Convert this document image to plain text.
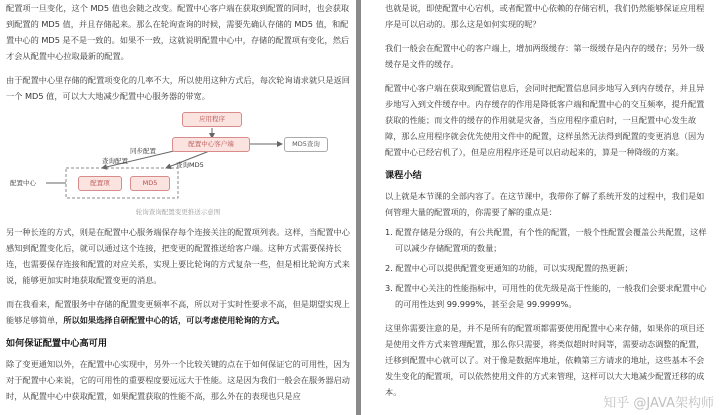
配置项一旦变化，这个 MD5 值也会随之改变。配置中心客户端在获取到配置的同时，也会获取到配置的 MD5 值，并且存储起来。那么在轮询查询的时候，需要先确认存储的 MD5 值，和配置中心的 MD5 是不是一致的。如果不一致，这就说明配置中心中，存储的配置项有变化，然后才会从配置中心拉取最新的配置。

由于配置中心里存储的配置项变化的几率不大，所以使用这种方式后，每次轮询请求就只是返回一个 MD5 值，可以大大地减少配置中心服务器的带宽。

应用程序
配置中心客户端	MD5查询
配置项	MD5
同步配置
查询配置	查询MD5
配置中心
轮询查询配置变更推送示意图

另一种长连的方式，则是在配置中心服务端保存每个连接关注的配置项列表。这样，当配置中心感知到配置变化后，就可以通过这个连接，把变更的配置推送给客户端。这种方式需要保持长连，也需要保存连接和配置的对应关系，实现上要比轮询的方式复杂一些，但是相比轮询方式来说，能够更加实时地获取配置变更的消息。

而在我看来，配置服务中存储的配置变更频率不高，所以对于实时性要求不高，但是期望实现上能够足够简单，所以如果选择自研配置中心的话，可以考虑使用轮询的方式。

如何保证配置中心高可用

除了变更通知以外，在配置中心实现中，另外一个比较关键的点在于如何保证它的可用性，因为对于配置中心来说，它的可用性的重要程度要远远大于性能。这是因为我们一般会在服务器启动时，从配置中心中获取配置，如果配置获取的性能不高，那么外在的表现也只是应

也就是说，即使配置中心宕机，或者配置中心依赖的存储宕机，我们仍然能够保证应用程序是可以启动的。那么这是如何实现的呢？

我们一般会在配置中心的客户端上，增加两级缓存：第一级缓存是内存的缓存；另外一级缓存是文件的缓存。

配置中心客户端在获取到配置信息后，会同时把配置信息同步地写入到内存缓存，并且异步地写入到文件缓存中。内存缓存的作用是降低客户端和配置中心的交互频率，提升配置获取的性能；而文件的缓存的作用就是灾备，当应用程序重启时，一旦配置中心发生故障，那么应用程序就会优先使用文件中的配置，这样虽然无法得到配置的变更消息（因为配置中心已经宕机了），但是应用程序还是可以启动起来的，算是一种降级的方案。

课程小结

以上就是本节课的全部内容了。在这节课中，我带你了解了系统开发的过程中，我们是如何管理大量的配置项的，你需要了解的重点是：

1. 配置存储是分级的，有公共配置，有个性的配置，一般个性配置会覆盖公共配置，这样可以减少存储配置项的数量；

2. 配置中心可以提供配置变更通知的功能，可以实现配置的热更新；

3. 配置中心关注的性能指标中，可用性的优先级是高于性能的，一般我们会要求配置中心的可用性达到 99.999%，甚至会是 99.9999%。

这里你需要注意的是，并不是所有的配置项都需要使用配置中心来存储，如果你的项目还是使用文件方式来管理配置，那么你只需要，将类似超时时间等，需要动态调整的配置，迁移到配置中心就可以了。对于像是数据库地址，依赖第三方请求的地址，这些基本不会发生变化的配置项，可以依然使用文件的方式来管理，这样可以大大地减少配置迁移的成本。

知乎 @JAVA架构师
